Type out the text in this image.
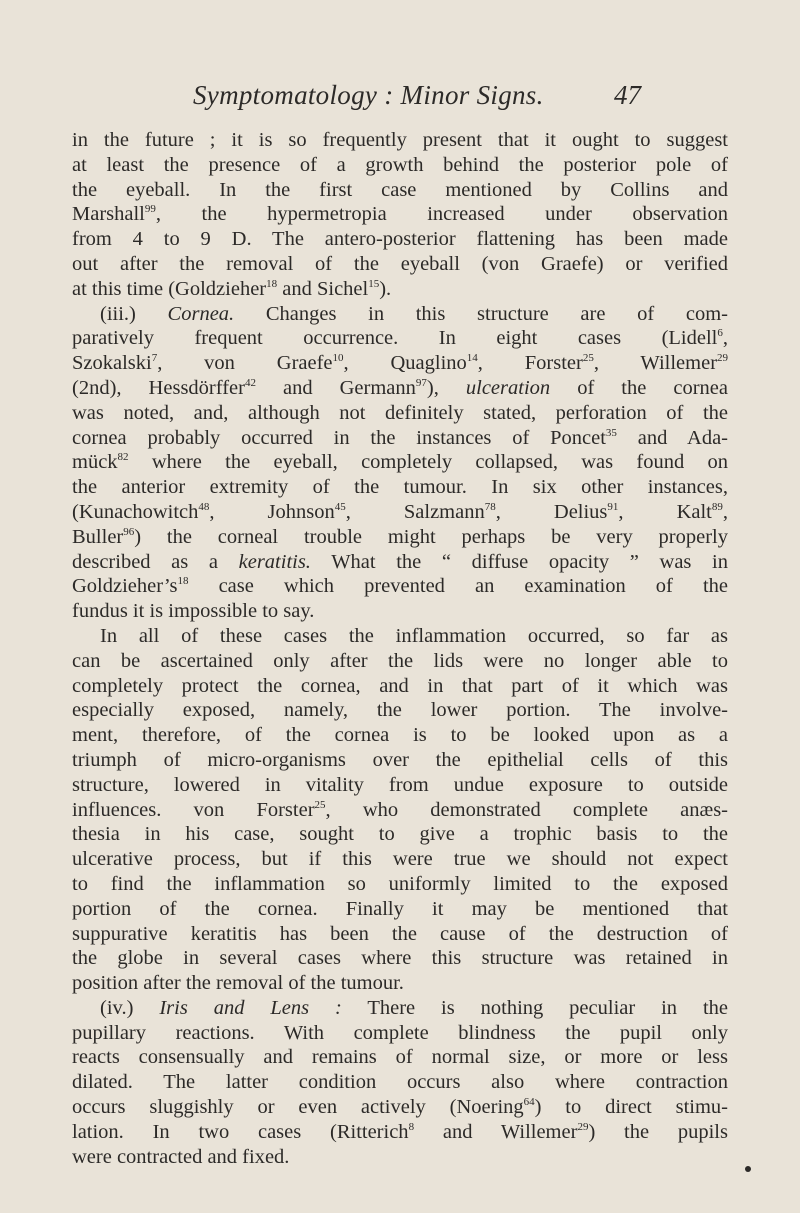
Symptomatology : Minor Signs.	47
in the future ; it is so frequently present that it ought to suggest
at least the presence of a growth behind the posterior pole of
the eyeball. In the first case mentioned by Collins and
Marshall$^{99}$, the hypermetropia increased under observation
from 4 to 9 D. The antero-posterior flattening has been made
out after the removal of the eyeball (von Graefe) or verified
at this time (Goldzieher$^{18}$ and Sichel$^{15}$).
(iii.) Cornea. Changes in this structure are of com-
paratively frequent occurrence. In eight cases (Lidell$^6$,
Szokalski$^7$, von Graefe$^{10}$, Quaglino$^{14}$, Forster$^{25}$, Willemer$^{29}$
(2nd), Hessdörffer$^{42}$ and Germann$^{97}$), ulceration of the cornea
was noted, and, although not definitely stated, perforation of the
cornea probably occurred in the instances of Poncet$^{35}$ and Ada-
mück$^{82}$ where the eyeball, completely collapsed, was found on
the anterior extremity of the tumour. In six other instances,
(Kunachowitch$^{48}$, Johnson$^{45}$, Salzmann$^{78}$, Delius$^{91}$, Kalt$^{89}$,
Buller$^{96}$) the corneal trouble might perhaps be very properly
described as a keratitis. What the “ diffuse opacity ” was in
$Goldzieher’s^{18}$ case which prevented an examination of the
fundus it is impossible to say.
In all of these cases the inflammation occurred, so far as
can be ascertained only after the lids were no longer able to
completely protect the cornea, and in that part of it which was
especially exposed, namely, the lower portion. The involve-
ment, therefore, of the cornea is to be looked upon as a
triumph of micro-organisms over the epithelial cells of this
structure, lowered in vitality from undue exposure to outside
influences. von Forster$^{25}$, who demonstrated complete anæs-
thesia in his case, sought to give a trophic basis to the
ulcerative process, but if this were true we should not expect
to find the inflammation so uniformly limited to the exposed
portion of the cornea. Finally it may be mentioned that
suppurative keratitis has been the cause of the destruction of
the globe in several cases where this structure was retained in
position after the removal of the tumour.
(iv.) Iris and Lens : There is nothing peculiar in the
pupillary reactions. With complete blindness the pupil only
reacts consensually and remains of normal size, or more or less
dilated. The latter condition occurs also where contraction
occurs sluggishly or even actively (Noering$^{64}$) to direct stimu-
lation. In two cases (Ritterich$^8$ and Willemer$^{29}$) the pupils
were contracted and fixed.
